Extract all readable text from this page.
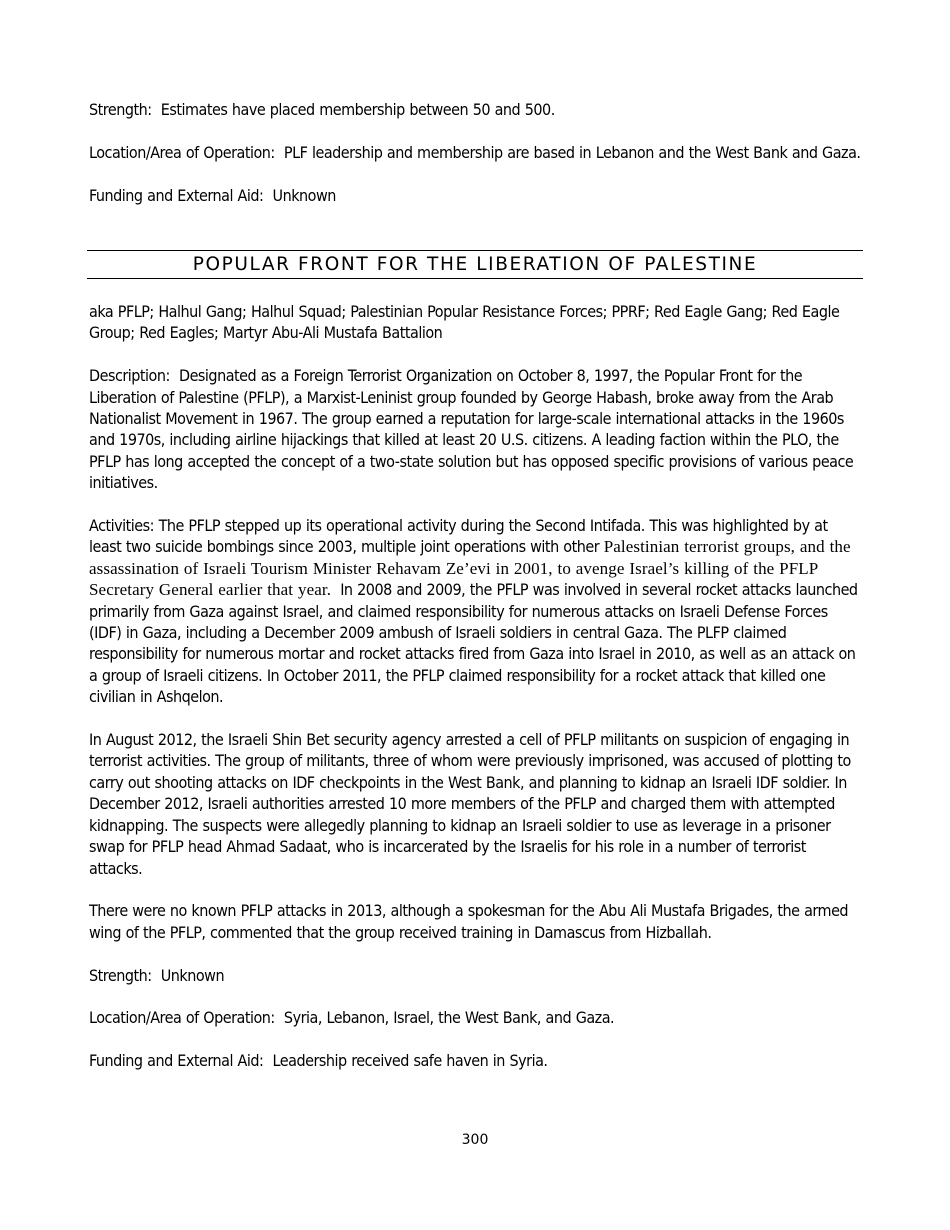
Strength: Estimates have placed membership between 50 and 500.

Location/Area of Operation: PLF leadership and membership are based in Lebanon and the West Bank and Gaza.

Funding and External Aid: Unknown

POPULAR FRONT FOR THE LIBERATION OF PALESTINE

aka PFLP; Halhul Gang; Halhul Squad; Palestinian Popular Resistance Forces; PPRF; Red Eagle Gang; Red Eagle Group; Red Eagles; Martyr Abu-Ali Mustafa Battalion

Description: Designated as a Foreign Terrorist Organization on October 8, 1997, the Popular Front for the Liberation of Palestine (PFLP), a Marxist-Leninist group founded by George Habash, broke away from the Arab Nationalist Movement in 1967. The group earned a reputation for large-scale international attacks in the 1960s and 1970s, including airline hijackings that killed at least 20 U.S. citizens. A leading faction within the PLO, the PFLP has long accepted the concept of a two-state solution but has opposed specific provisions of various peace initiatives.

Activities: The PFLP stepped up its operational activity during the Second Intifada. This was highlighted by at least two suicide bombings since 2003, multiple joint operations with other Palestinian terrorist groups, and the assassination of Israeli Tourism Minister Rehavam Ze’evi in 2001, to avenge Israel’s killing of the PFLP Secretary General earlier that year. In 2008 and 2009, the PFLP was involved in several rocket attacks launched primarily from Gaza against Israel, and claimed responsibility for numerous attacks on Israeli Defense Forces (IDF) in Gaza, including a December 2009 ambush of Israeli soldiers in central Gaza. The PLFP claimed responsibility for numerous mortar and rocket attacks fired from Gaza into Israel in 2010, as well as an attack on a group of Israeli citizens. In October 2011, the PFLP claimed responsibility for a rocket attack that killed one civilian in Ashqelon.

In August 2012, the Israeli Shin Bet security agency arrested a cell of PFLP militants on suspicion of engaging in terrorist activities. The group of militants, three of whom were previously imprisoned, was accused of plotting to carry out shooting attacks on IDF checkpoints in the West Bank, and planning to kidnap an Israeli IDF soldier. In December 2012, Israeli authorities arrested 10 more members of the PFLP and charged them with attempted kidnapping. The suspects were allegedly planning to kidnap an Israeli soldier to use as leverage in a prisoner swap for PFLP head Ahmad Sadaat, who is incarcerated by the Israelis for his role in a number of terrorist attacks.

There were no known PFLP attacks in 2013, although a spokesman for the Abu Ali Mustafa Brigades, the armed wing of the PFLP, commented that the group received training in Damascus from Hizballah.

Strength: Unknown

Location/Area of Operation: Syria, Lebanon, Israel, the West Bank, and Gaza.

Funding and External Aid: Leadership received safe haven in Syria.

300
